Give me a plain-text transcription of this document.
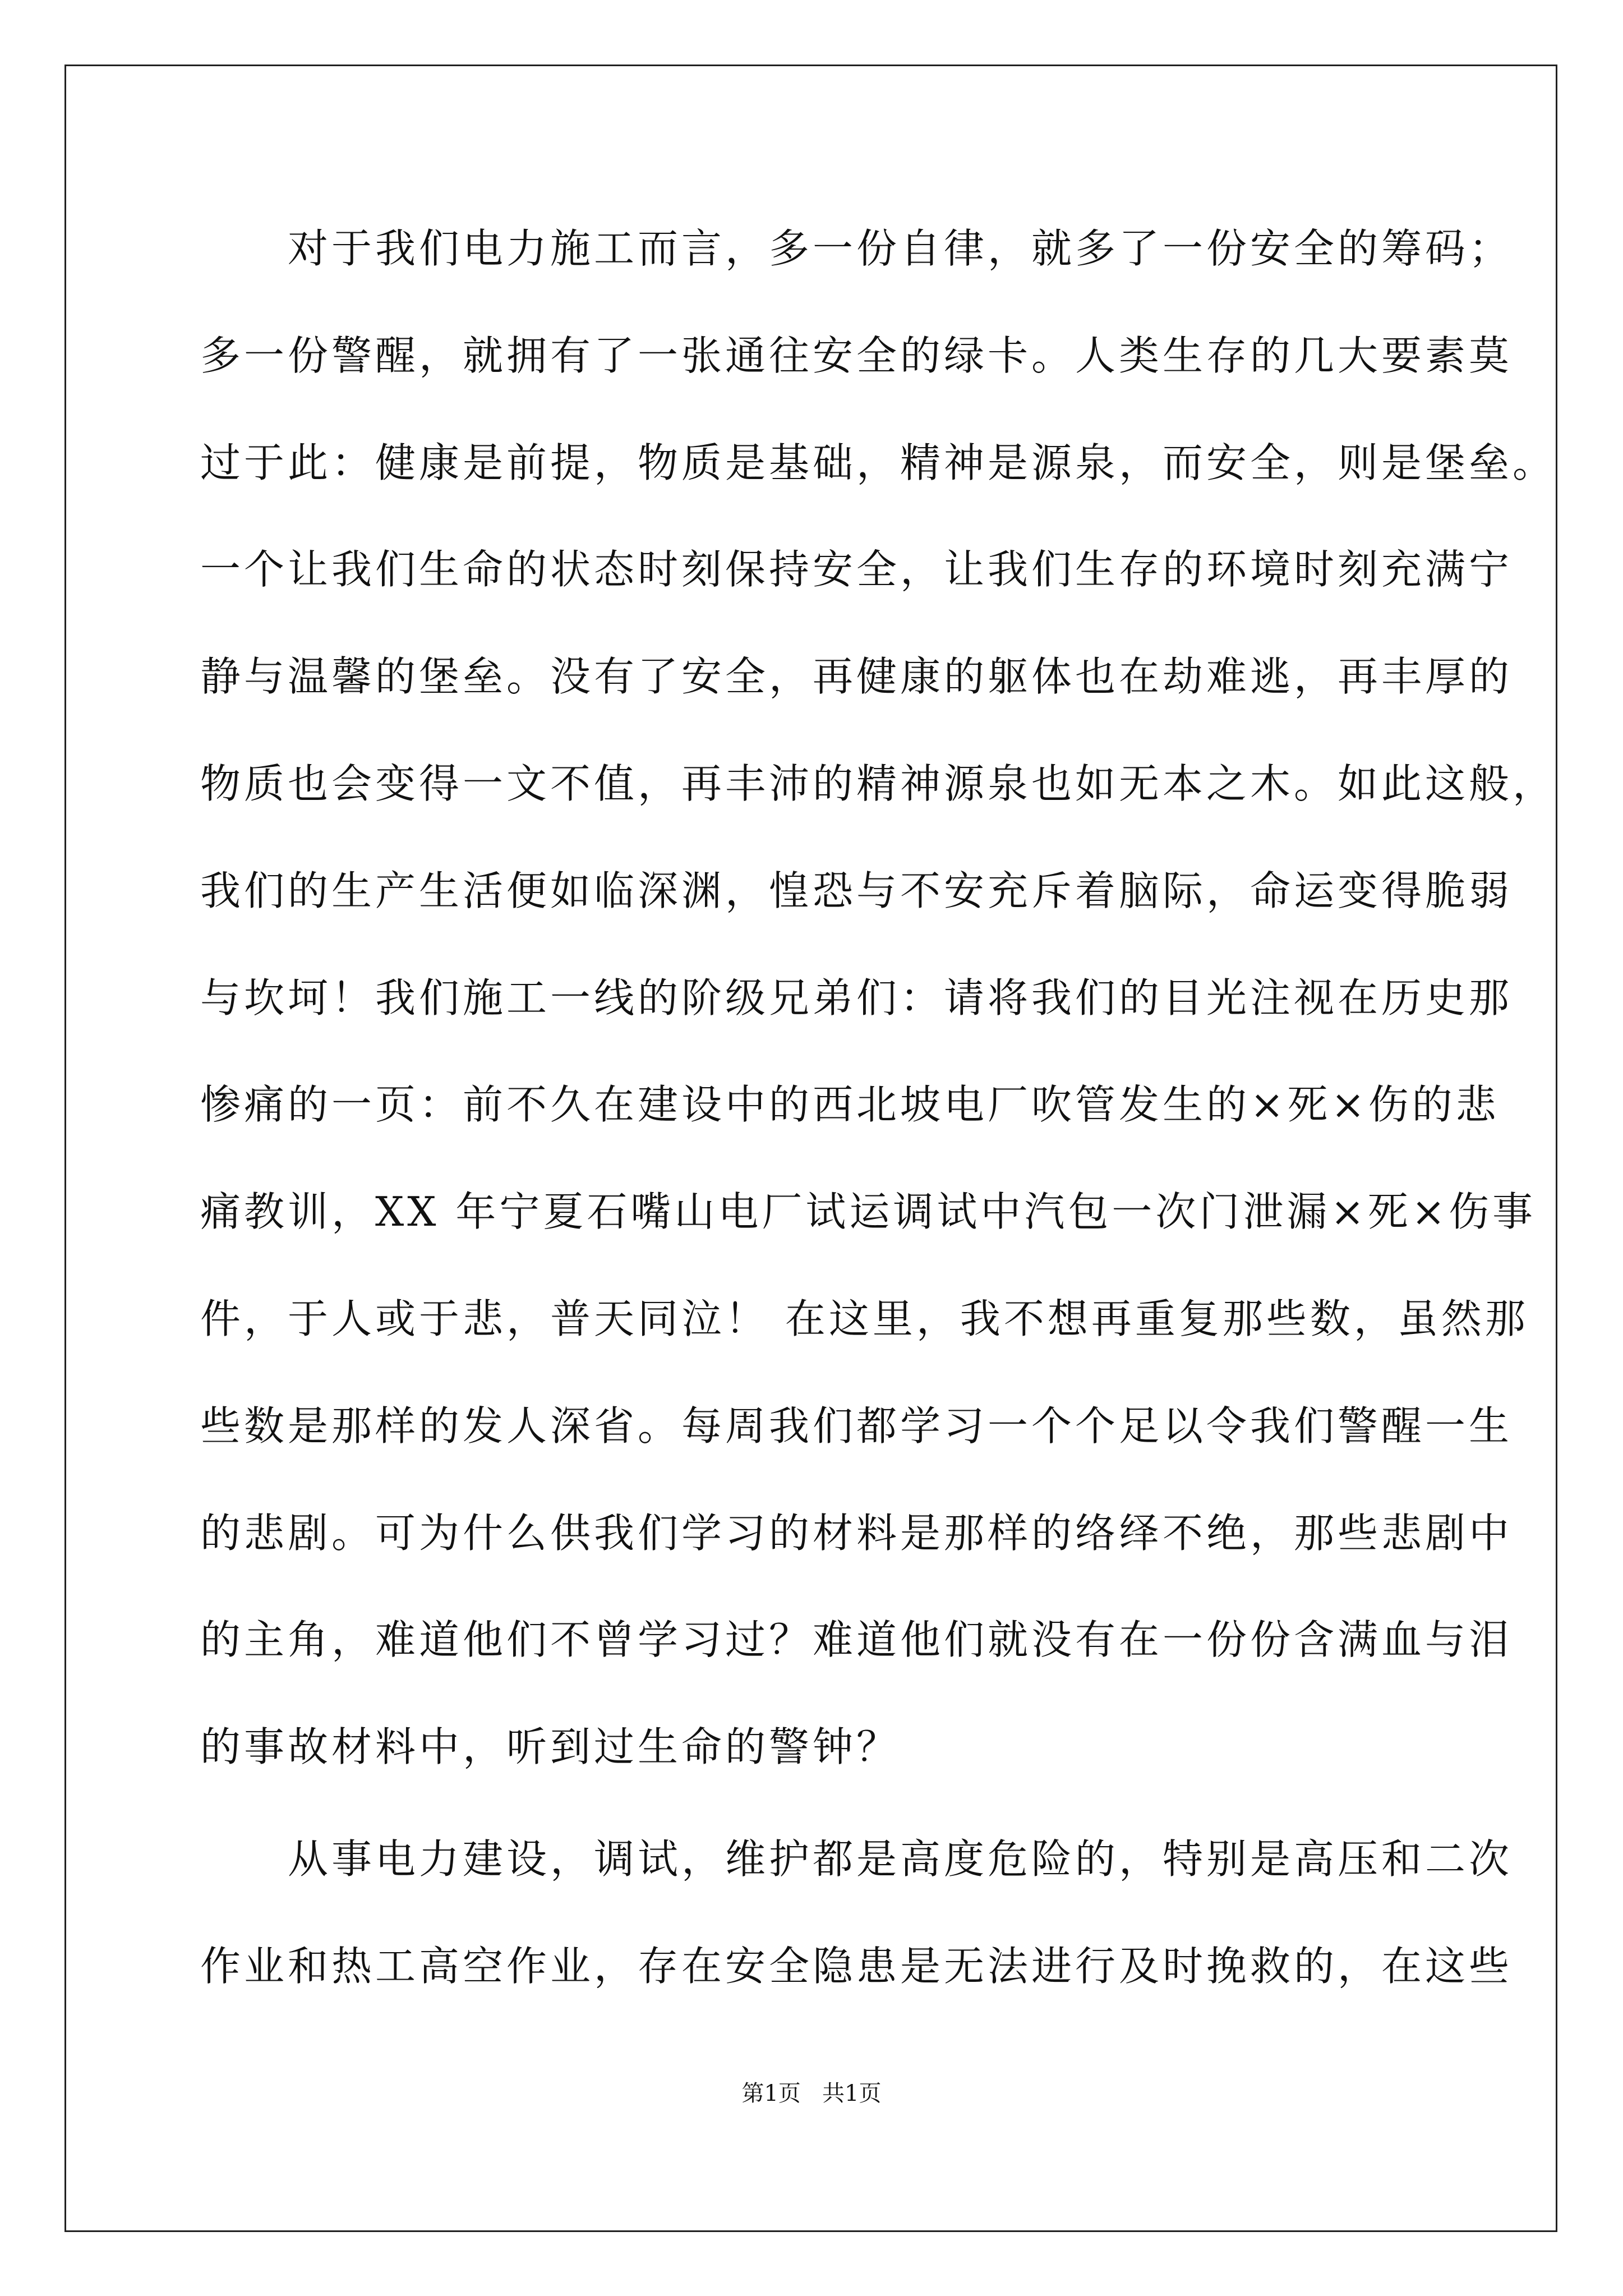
　　对于我们电力施工而言，多一份自律，就多了一份安全的筹码；
多一份警醒，就拥有了一张通往安全的绿卡。人类生存的几大要素莫
过于此：健康是前提，物质是基础，精神是源泉，而安全，则是堡垒。
一个让我们生命的状态时刻保持安全，让我们生存的环境时刻充满宁
静与温馨的堡垒。没有了安全，再健康的躯体也在劫难逃，再丰厚的
物质也会变得一文不值，再丰沛的精神源泉也如无本之木。如此这般，
我们的生产生活便如临深渊，惶恐与不安充斥着脑际，命运变得脆弱
与坎坷！我们施工一线的阶级兄弟们：请将我们的目光注视在历史那
惨痛的一页：前不久在建设中的西北坡电厂吹管发生的×死×伤的悲
痛教训，XX 年宁夏石嘴山电厂试运调试中汽包一次门泄漏×死×伤事
件，于人或于悲，普天同泣！ 在这里，我不想再重复那些数，虽然那
些数是那样的发人深省。每周我们都学习一个个足以令我们警醒一生
的悲剧。可为什么供我们学习的材料是那样的络绎不绝，那些悲剧中
的主角，难道他们不曾学习过？难道他们就没有在一份份含满血与泪
的事故材料中，听到过生命的警钟？
　　从事电力建设，调试，维护都是高度危险的，特别是高压和二次
作业和热工高空作业，存在安全隐患是无法进行及时挽救的，在这些
第1页   共1页
